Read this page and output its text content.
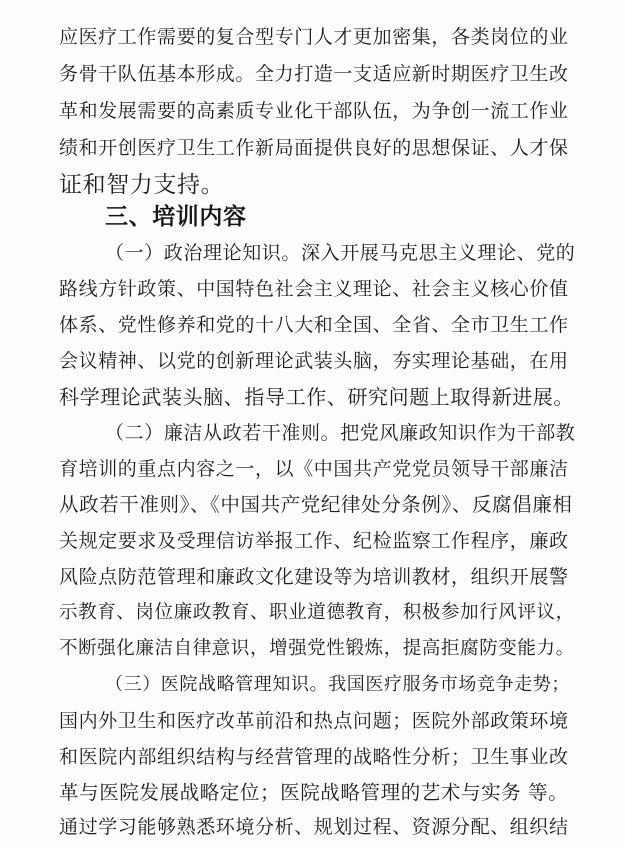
应医疗工作需要的复合型专门人才更加密集，各类岗位的业
务骨干队伍基本形成。全力打造一支适应新时期医疗卫生改
革和发展需要的高素质专业化干部队伍，为争创一流工作业
绩和开创医疗卫生工作新局面提供良好的思想保证、人才保
证和智力支持。
三、培训内容
（一）政治理论知识。深入开展马克思主义理论、党的
路线方针政策、中国特色社会主义理论、社会主义核心价值
体系、党性修养和党的十八大和全国、全省、全市卫生工作
会议精神、以党的创新理论武装头脑，夯实理论基础，在用
科学理论武装头脑、指导工作、研究问题上取得新进展。
（二）廉洁从政若干准则。把党风廉政知识作为干部教
育培训的重点内容之一，以《中国共产党党员领导干部廉洁
从政若干准则》、《中国共产党纪律处分条例》、反腐倡廉相
关规定要求及受理信访举报工作、纪检监察工作程序，廉政
风险点防范管理和廉政文化建设等为培训教材，组织开展警
示教育、岗位廉政教育、职业道德教育，积极参加行风评议，
不断强化廉洁自律意识，增强党性锻炼，提高拒腐防变能力。
（三）医院战略管理知识。我国医疗服务市场竞争走势；
国内外卫生和医疗改革前沿和热点问题；医院外部政策环境
和医院内部组织结构与经营管理的战略性分析；卫生事业改
革与医院发展战略定位；医院战略管理的艺术与实务 等。
通过学习能够熟悉环境分析、规划过程、资源分配、组织结
